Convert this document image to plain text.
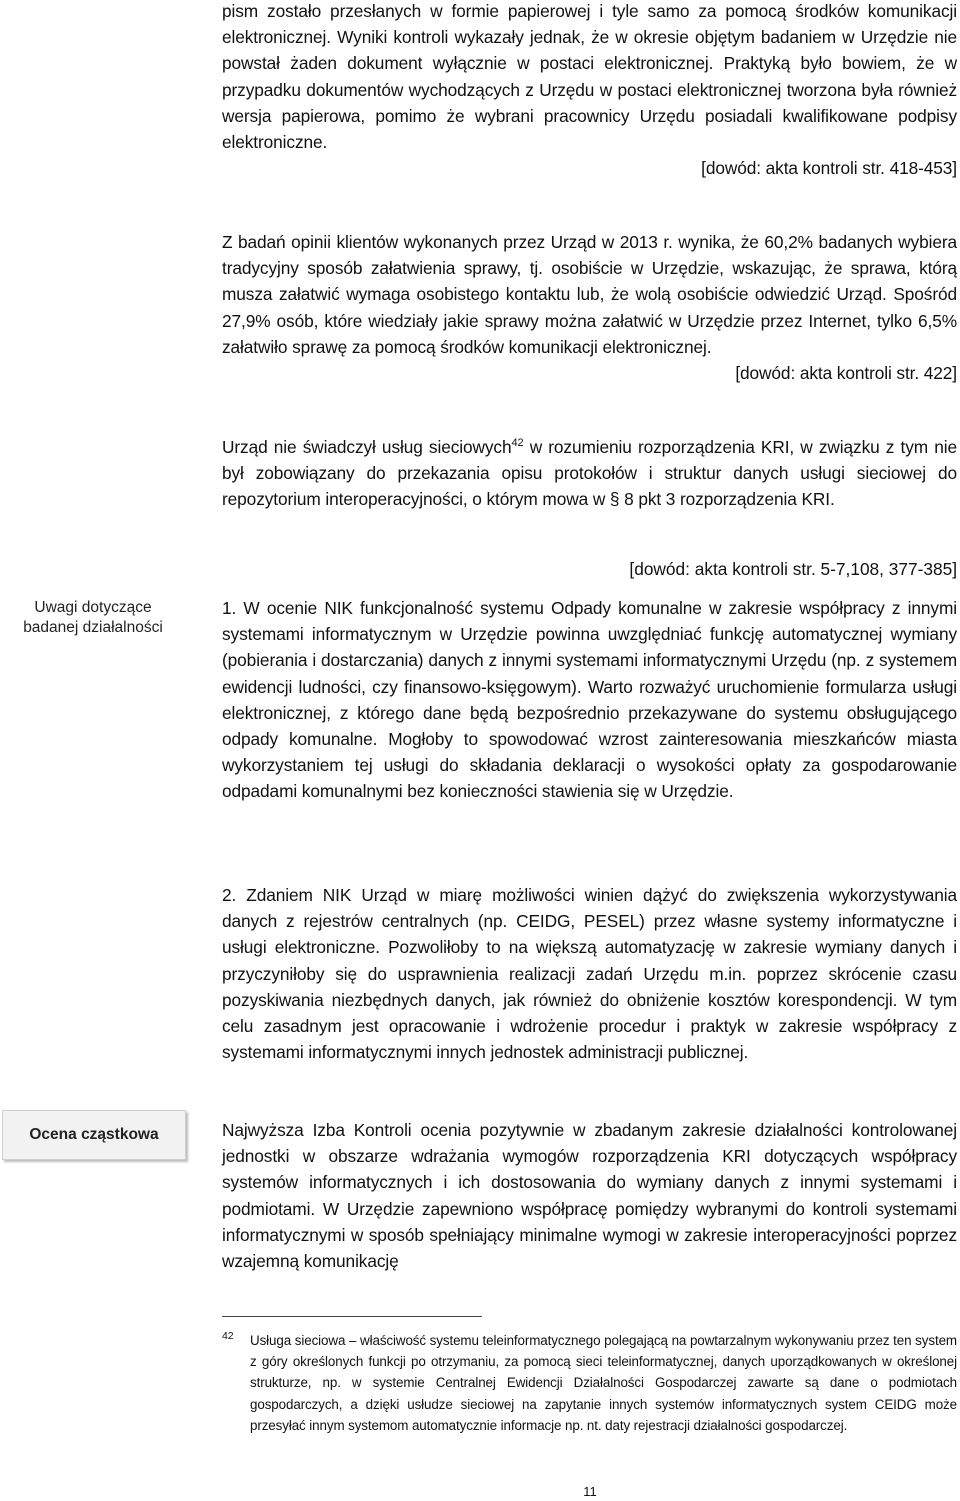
pism zostało przesłanych w formie papierowej i tyle samo za pomocą środków komunikacji elektronicznej. Wyniki kontroli wykazały jednak, że w okresie objętym badaniem w Urzędzie nie powstał żaden dokument wyłącznie w postaci elektronicznej. Praktyką było bowiem, że w przypadku dokumentów wychodzących z Urzędu w postaci elektronicznej tworzona była również wersja papierowa, pomimo że wybrani pracownicy Urzędu posiadali kwalifikowane podpisy elektroniczne.

[dowód: akta kontroli str. 418-453]

Z badań opinii klientów wykonanych przez Urząd w 2013 r. wynika, że 60,2% badanych wybiera tradycyjny sposób załatwienia sprawy, tj. osobiście w Urzędzie, wskazując, że sprawa, którą musza załatwić wymaga osobistego kontaktu lub, że wolą osobiście odwiedzić Urząd. Spośród 27,9% osób, które wiedziały jakie sprawy można załatwić w Urzędzie przez Internet, tylko 6,5% załatwiło sprawę za pomocą środków komunikacji elektronicznej.

[dowód: akta kontroli str. 422]

Urząd nie świadczył usług sieciowych$^{42}$ w rozumieniu rozporządzenia KRI, w związku z tym nie był zobowiązany do przekazania opisu protokołów i struktur danych usługi sieciowej do repozytorium interoperacyjności, o którym mowa w § 8 pkt 3 rozporządzenia KRI.

[dowód: akta kontroli str. 5-7,108, 377-385]
Uwagi dotyczące
badanej działalności

1. W ocenie NIK funkcjonalność systemu Odpady komunalne w zakresie współpracy z innymi systemami informatycznym w Urzędzie powinna uwzględniać funkcję automatycznej wymiany (pobierania i dostarczania) danych z innymi systemami informatycznymi Urzędu (np. z systemem ewidencji ludności, czy finansowo-księgowym). Warto rozważyć uruchomienie formularza usługi elektronicznej, z którego dane będą bezpośrednio przekazywane do systemu obsługującego odpady komunalne. Mogłoby to spowodować wzrost zainteresowania mieszkańców miasta wykorzystaniem tej usługi do składania deklaracji o wysokości opłaty za gospodarowanie odpadami komunalnymi bez konieczności stawienia się w Urzędzie.

2. Zdaniem NIK Urząd w miarę możliwości winien dążyć do zwiększenia wykorzystywania danych z rejestrów centralnych (np. CEIDG, PESEL) przez własne systemy informatyczne i usługi elektroniczne. Pozwoliłoby to na większą automatyzację w zakresie wymiany danych i przyczyniłoby się do usprawnienia realizacji zadań Urzędu m.in. poprzez skrócenie czasu pozyskiwania niezbędnych danych, jak również do obniżenie kosztów korespondencji. W tym celu zasadnym jest opracowanie i wdrożenie procedur i praktyk w zakresie współpracy z systemami informatycznymi innych jednostek administracji publicznej.

Ocena cząstkowa	Najwyższa Izba Kontroli ocenia pozytywnie w zbadanym zakresie działalności kontrolowanej jednostki w obszarze wdrażania wymogów rozporządzenia KRI dotyczących współpracy systemów informatycznych i ich dostosowania do wymiany danych z innymi systemami i podmiotami. W Urzędzie zapewniono współpracę pomiędzy wybranymi do kontroli systemami informatycznymi w sposób spełniający minimalne wymogi w zakresie interoperacyjności poprzez wzajemną komunikację

42 Usługa sieciowa – właściwość systemu teleinformatycznego polegającą na powtarzalnym wykonywaniu przez ten system z góry określonych funkcji po otrzymaniu, za pomocą sieci teleinformatycznej, danych uporządkowanych w określonej strukturze, np. w systemie Centralnej Ewidencji Działalności Gospodarczej zawarte są dane o podmiotach gospodarczych, a dzięki usłudze sieciowej na zapytanie innych systemów informatycznych system CEIDG może przesyłać innym systemom automatycznie informacje np. nt. daty rejestracji działalności gospodarczej.
11
